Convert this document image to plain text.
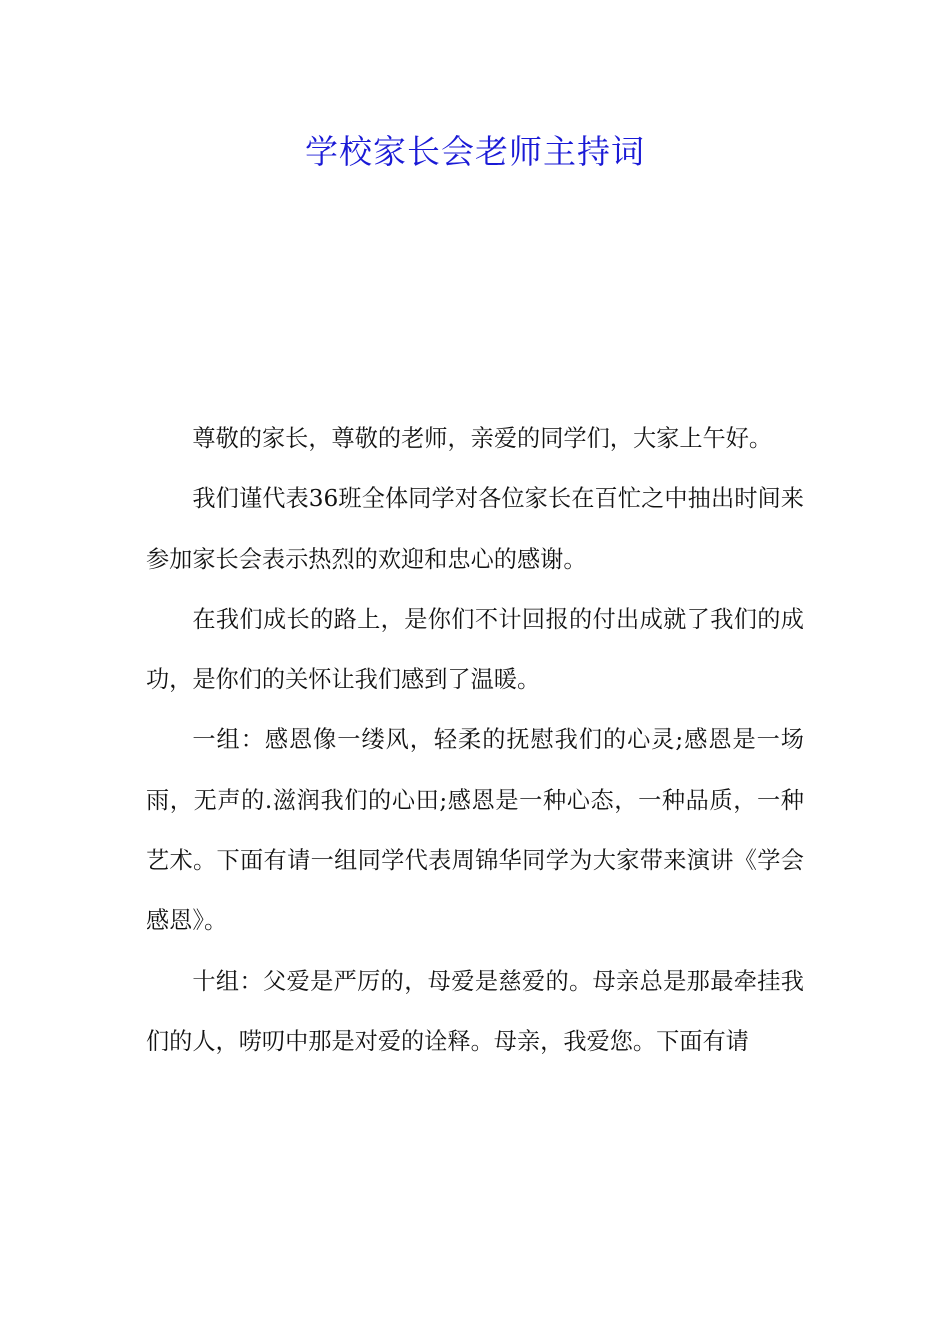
学校家长会老师主持词

尊敬的家长，尊敬的老师，亲爱的同学们，大家上午好。

我们谨代表36班全体同学对各位家长在百忙之中抽出时间来参加家长会表示热烈的欢迎和忠心的感谢。

在我们成长的路上，是你们不计回报的付出成就了我们的成功，是你们的关怀让我们感到了温暖。

一组：感恩像一缕风，轻柔的抚慰我们的心灵;感恩是一场雨，无声的.滋润我们的心田;感恩是一种心态，一种品质，一种艺术。下面有请一组同学代表周锦华同学为大家带来演讲《学会感恩》。

十组：父爱是严厉的，母爱是慈爱的。母亲总是那最牵挂我们的人，唠叨中那是对爱的诠释。母亲，我爱您。下面有请
